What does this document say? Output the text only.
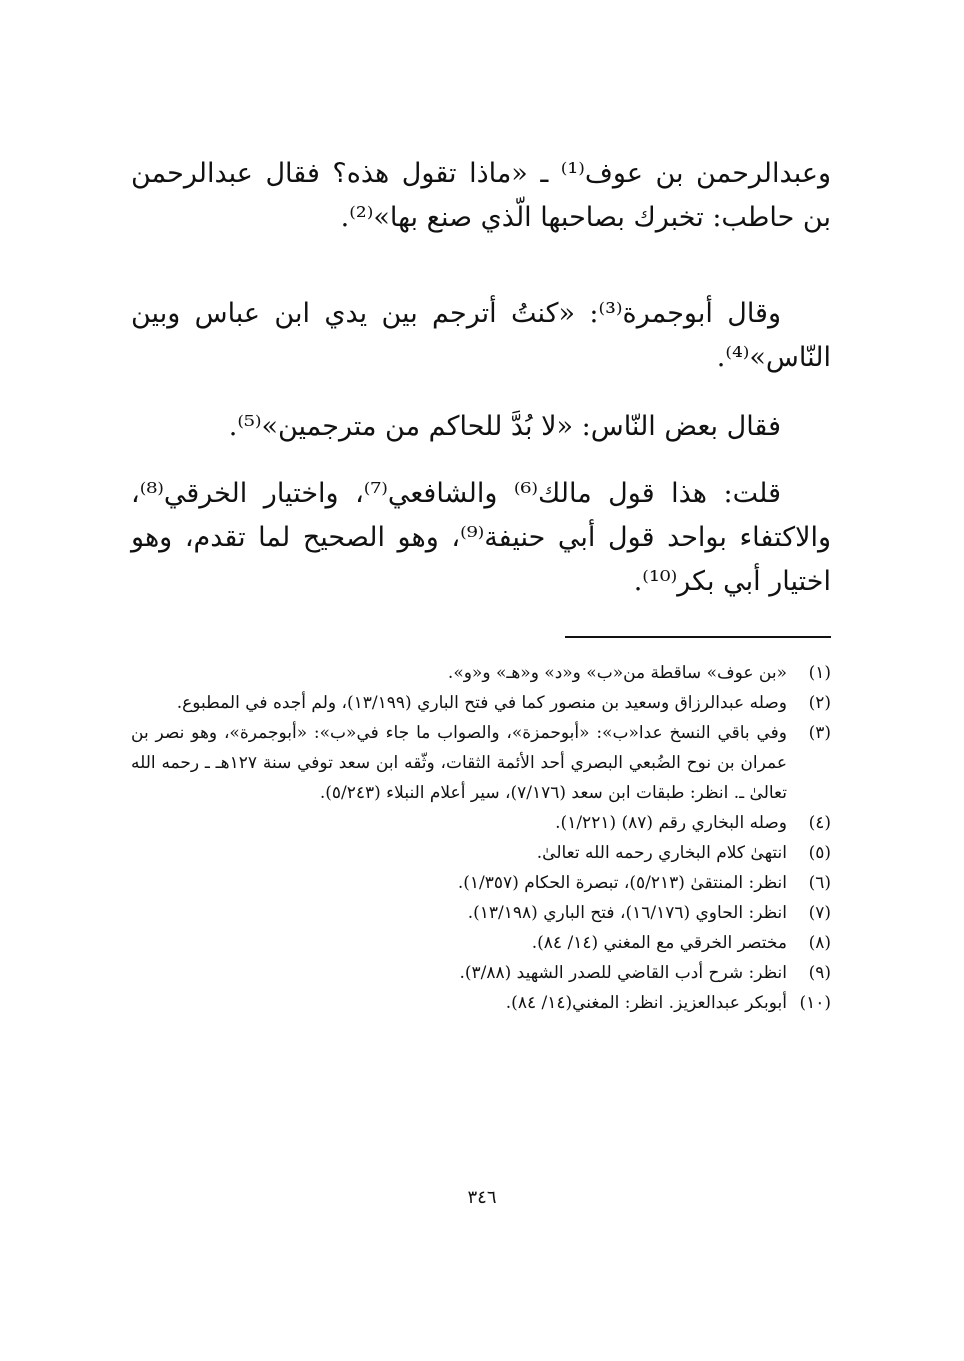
وعبدالرحمن بن عوف⁽¹⁾ ـ «ماذا تقول هذه؟ فقال عبدالرحمن بن حاطب: تخبرك بصاحبها الّذي صنع بها»⁽²⁾.

وقال أبوجمرة⁽³⁾: «كنتُ أترجم بين يدي ابن عباس وبين النّاس»⁽⁴⁾.

فقال بعض النّاس: «لا بُدَّ للحاكم من مترجمين»⁽⁵⁾.

قلت: هذا قول مالك⁽⁶⁾ والشافعي⁽⁷⁾، واختيار الخرقي⁽⁸⁾، والاكتفاء بواحد قول أبي حنيفة⁽⁹⁾، وهو الصحيح لما تقدم، وهو اختيار أبي بكر⁽¹⁰⁾.

(١)
«بن عوف» ساقطة من«ب» و«د» و«هـ» و«و».
(٢)
وصله عبدالرزاق وسعيد بن منصور كما في فتح الباري (١٣/١٩٩)، ولم أجده في المطبوع.
(٣)
وفي باقي النسخ عدا«ب»: «أبوحمزة»، والصواب ما جاء في«ب»: «أبوجمرة»، وهو نصر بن عمران بن نوح الضُبعي البصري أحد الأئمة الثقات، وثّقه ابن سعد توفي سنة ١٢٧هـ ـ رحمه الله تعالىٰ ـ. انظر: طبقات ابن سعد (٧/١٧٦)، سير أعلام النبلاء (٥/٢٤٣).
(٤)
وصله البخاري رقم (٨٧) (١/٢٢١).
(٥)
انتهىٰ كلام البخاري رحمه الله تعالىٰ.
(٦)
انظر: المنتقىٰ (٥/٢١٣)، تبصرة الحكام (١/٣٥٧).
(٧)
انظر: الحاوي (١٦/١٧٦)، فتح الباري (١٣/١٩٨).
(٨)
مختصر الخرقي مع المغني (١٤/ ٨٤).
(٩)
انظر: شرح أدب القاضي للصدر الشهيد (٣/٨٨).
(١٠)
أبوبكر عبدالعزيز. انظر: المغني(١٤/ ٨٤).
٣٤٦
